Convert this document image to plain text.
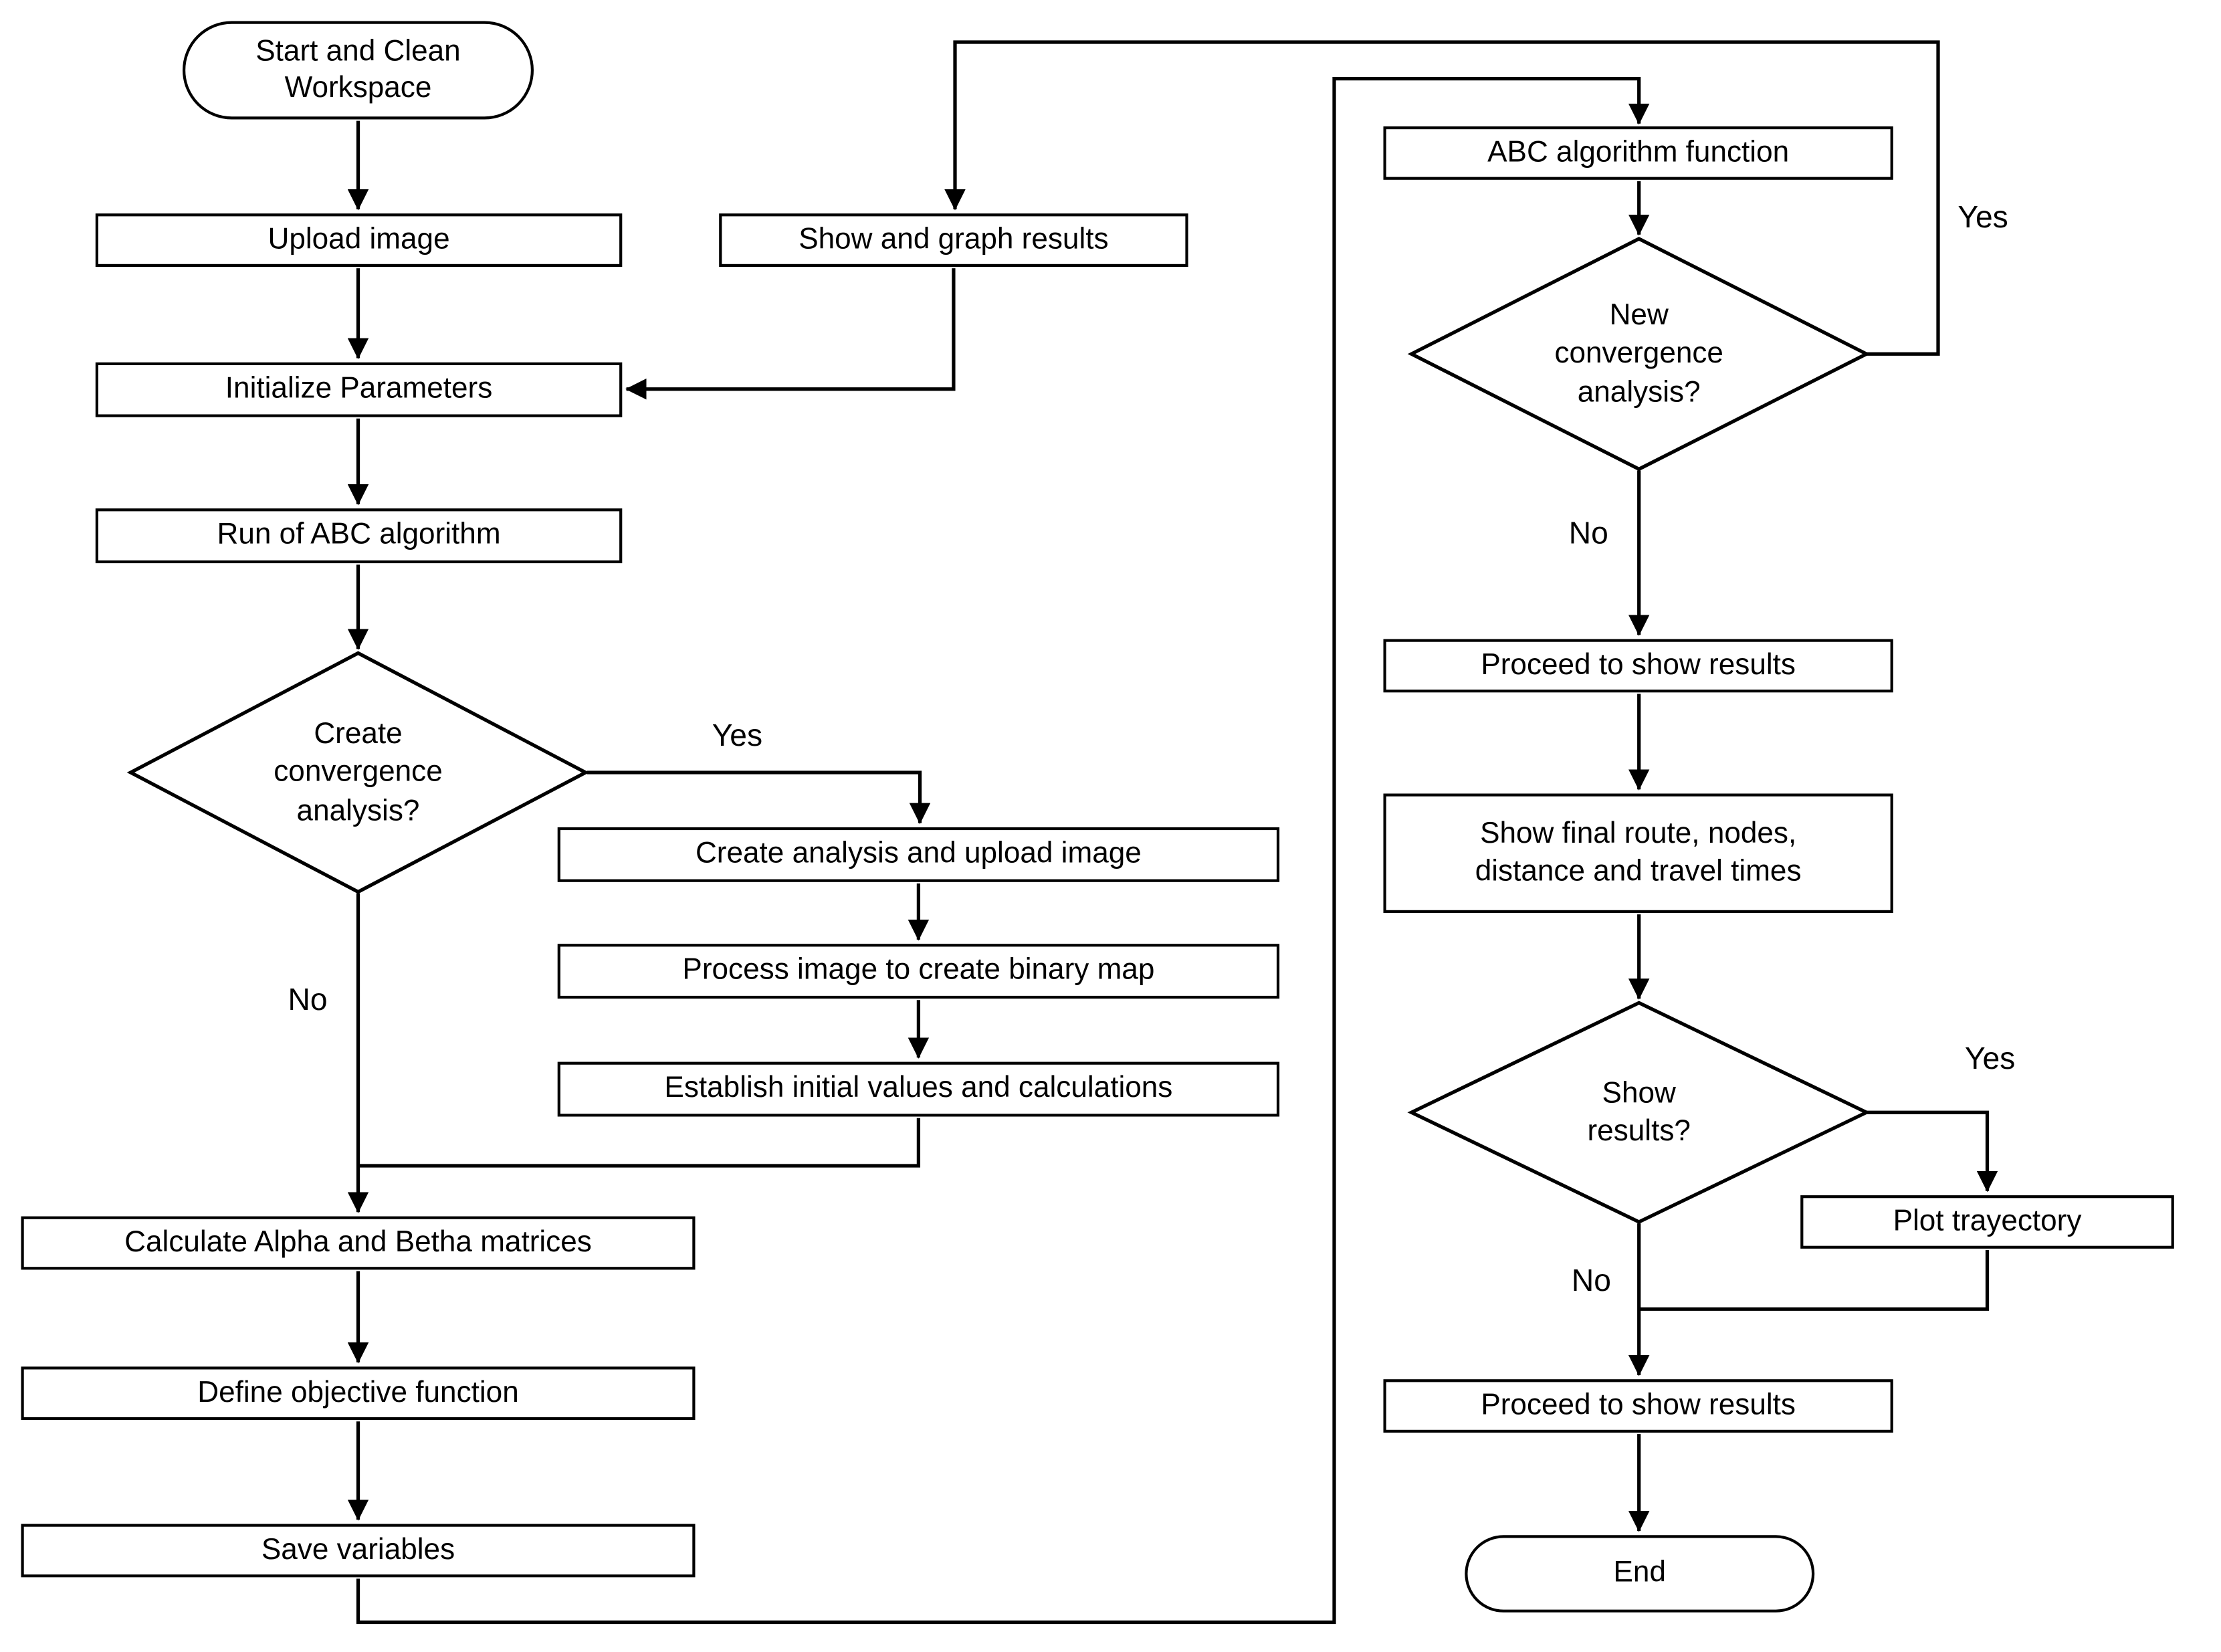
Start and Clean Workspace
End
Upload image
Initialize Parameters
Run of ABC algorithm
Create analysis and upload image
Process image to create binary map
Establish initial values and calculations
Calculate Alpha and Betha matrices
Define objective function
Save variables
Show and graph results
ABC algorithm function
Proceed to show results
Show final route, nodes, distance and travel times
Plot trayectory
Proceed to show results
Create convergence analysis?
New convergence analysis?
Show results?
Yes
No
Yes
No
Yes
No
